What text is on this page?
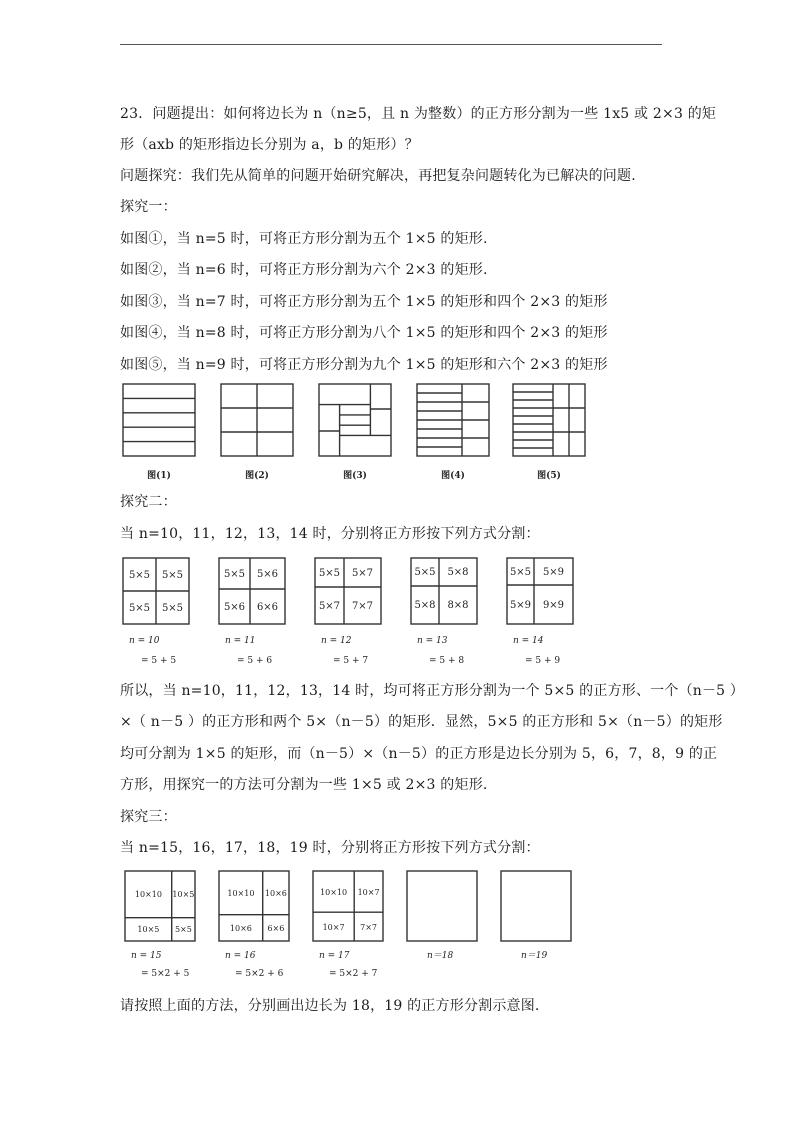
23．问题提出：如何将边长为 n（n≥5，且 n 为整数）的正方形分割为一些 1x5 或 2×3 的矩
形（axb 的矩形指边长分别为 a，b 的矩形）？
问题探究：我们先从简单的问题开始研究解决，再把复杂问题转化为已解决的问题.
探究一：
如图①，当 n=5 时，可将正方形分割为五个 1×5 的矩形.
如图②，当 n=6 时，可将正方形分割为六个 2×3 的矩形.
如图③，当 n=7 时，可将正方形分割为五个 1×5 的矩形和四个 2×3 的矩形
如图④，当 n=8 时，可将正方形分割为八个 1×5 的矩形和四个 2×3 的矩形
如图⑤，当 n=9 时，可将正方形分割为九个 1×5 的矩形和六个 2×3 的矩形
图(1)	图(2)	图(3)	图(4)	图(5)
探究二：
当 n=10，11，12，13，14 时，分别将正方形按下列方式分割：
5×5 5×5
5×5 5×5
5×5 5×6
5×6 6×6
5×5 5×7
5×7 7×7
5×5 5×8
5×8 8×8
5×5 5×9
5×9 9×9
n = 10	n = 11	n = 12	n = 13	n = 14
= 5 + 5	= 5 + 6	= 5 + 7	= 5 + 8	= 5 + 9
所以，当 n=10，11，12，13，14 时，均可将正方形分割为一个 5×5 的正方形、一个（n－5 ）
×（ n－5 ）的正方形和两个 5×（n－5）的矩形．显然，5×5 的正方形和 5×（n－5）的矩形
均可分割为 1×5 的矩形，而（n－5）×（n－5）的正方形是边长分别为 5，6，7，8，9 的正
方形，用探究一的方法可分割为一些 1×5 或 2×3 的矩形.
探究三：
当 n=15，16，17，18，19 时，分别将正方形按下列方式分割：
10×10 10×5
10×5 5×5
10×10 10×6
10×6 6×6
10×10 10×7
10×7 7×7
n = 15	n = 16	n = 17	n＝18	n＝19
= 5×2 + 5	= 5×2 + 6	= 5×2 + 7
请按照上面的方法，分别画出边长为 18，19 的正方形分割示意图.
